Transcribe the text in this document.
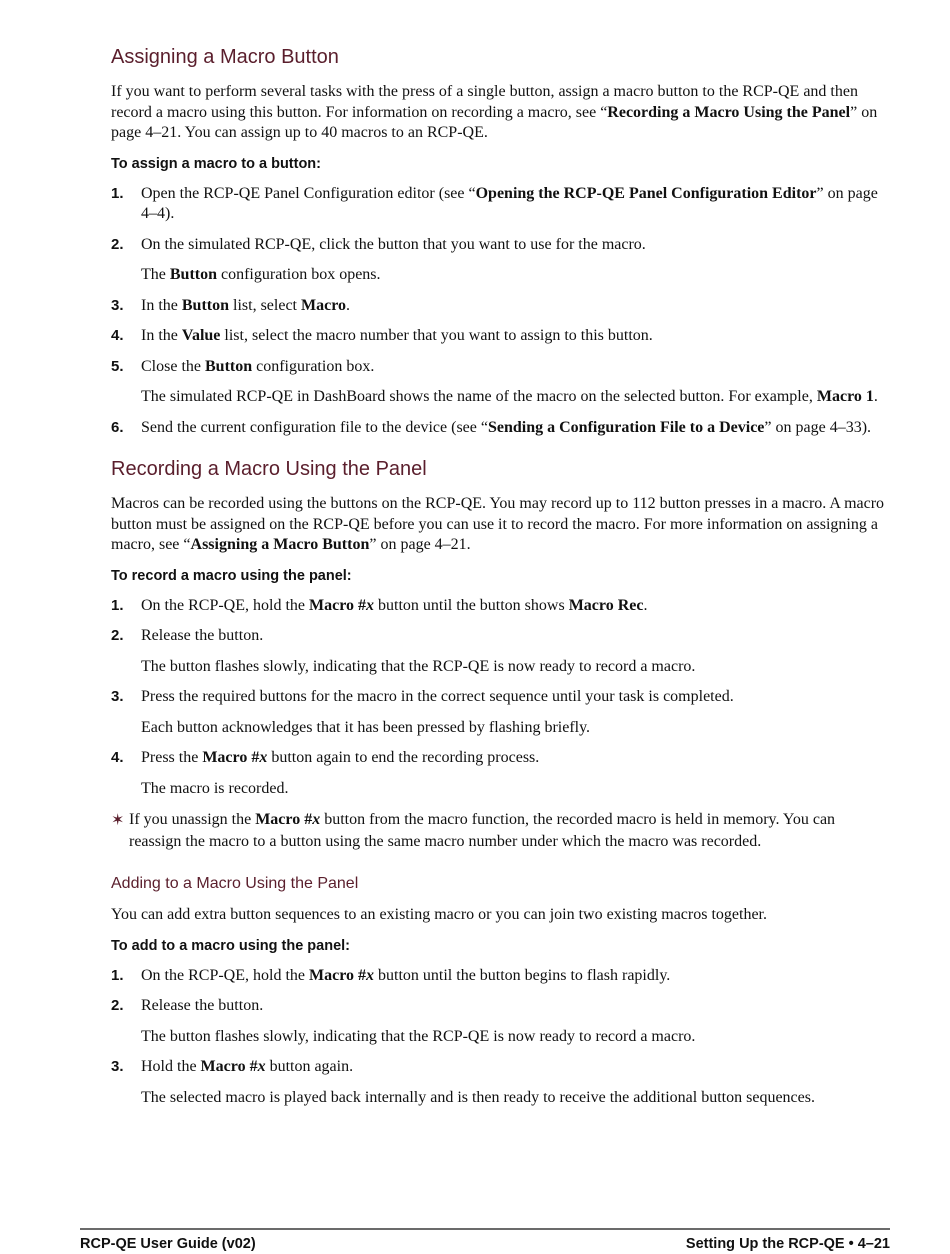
Assigning a Macro Button

If you want to perform several tasks with the press of a single button, assign a macro button to the RCP-QE and then record a macro using this button. For information on recording a macro, see “Recording a Macro Using the Panel” on page 4–21. You can assign up to 40 macros to an RCP-QE.

To assign a macro to a button:
1. Open the RCP-QE Panel Configuration editor (see “Opening the RCP-QE Panel Configuration Editor” on page 4–4).
2. On the simulated RCP-QE, click the button that you want to use for the macro.
The Button configuration box opens.
3. In the Button list, select Macro.
4. In the Value list, select the macro number that you want to assign to this button.
5. Close the Button configuration box.
The simulated RCP-QE in DashBoard shows the name of the macro on the selected button. For example, Macro 1.
6. Send the current configuration file to the device (see “Sending a Configuration File to a Device” on page 4–33).
Recording a Macro Using the Panel

Macros can be recorded using the buttons on the RCP-QE. You may record up to 112 button presses in a macro. A macro button must be assigned on the RCP-QE before you can use it to record the macro. For more information on assigning a macro, see “Assigning a Macro Button” on page 4–21.

To record a macro using the panel:
1. On the RCP-QE, hold the Macro #x button until the button shows Macro Rec.
2. Release the button.
The button flashes slowly, indicating that the RCP-QE is now ready to record a macro.
3. Press the required buttons for the macro in the correct sequence until your task is completed.
Each button acknowledges that it has been pressed by flashing briefly.
4. Press the Macro #x button again to end the recording process.
The macro is recorded.
✶ If you unassign the Macro #x button from the macro function, the recorded macro is held in memory. You can reassign the macro to a button using the same macro number under which the macro was recorded.
Adding to a Macro Using the Panel

You can add extra button sequences to an existing macro or you can join two existing macros together.

To add to a macro using the panel:
1. On the RCP-QE, hold the Macro #x button until the button begins to flash rapidly.
2. Release the button.
The button flashes slowly, indicating that the RCP-QE is now ready to record a macro.
3. Hold the Macro #x button again.
The selected macro is played back internally and is then ready to receive the additional button sequences.
RCP-QE User Guide (v02)	Setting Up the RCP-QE • 4–21
